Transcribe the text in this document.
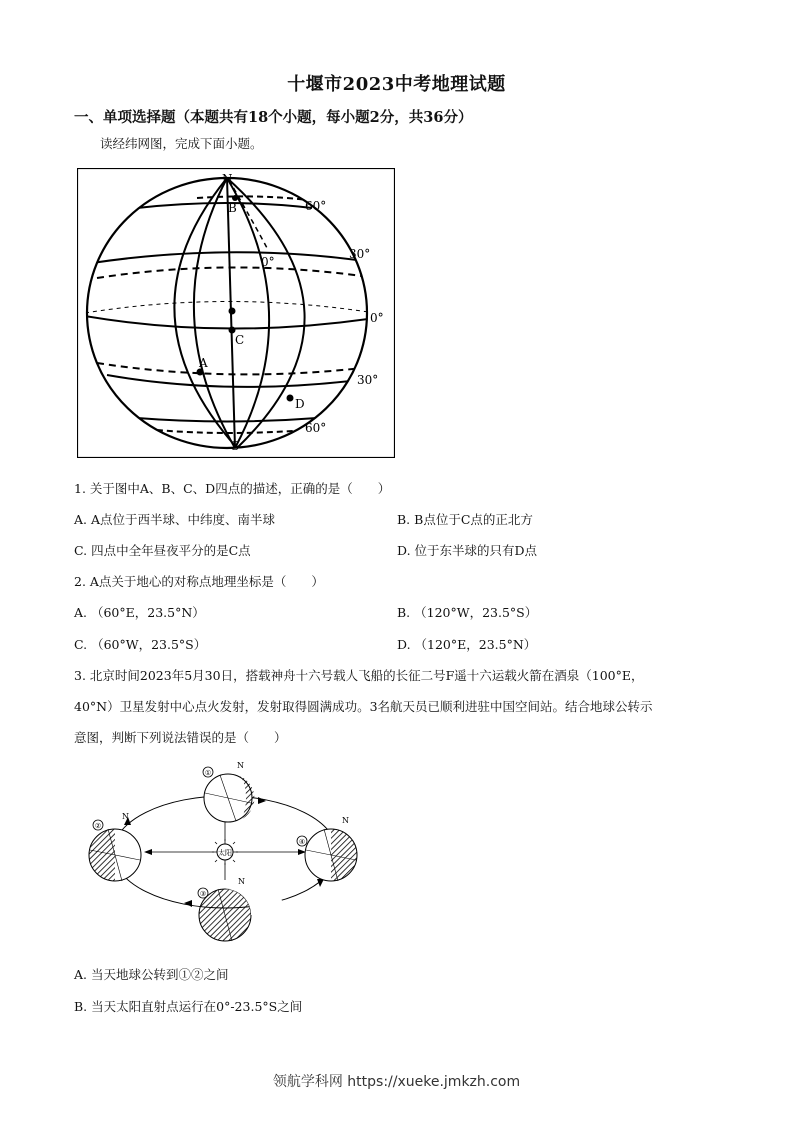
十堰市2023中考地理试题
一、单项选择题（本题共有18个小题，每小题2分，共36分）
读经纬网图，完成下面小题。
N
B
C
A
D
S
60°
30°
0°
0°
30°
60°
1. 关于图中A、B、C、D四点的描述，正确的是（　　）
A. A点位于西半球、中纬度、南半球	B. B点位于C点的正北方
C. 四点中全年昼夜平分的是C点	D. 位于东半球的只有D点
2. A点关于地心的对称点地理坐标是（　　）
A. （60°E，23.5°N）	B. （120°W，23.5°S）
C. （60°W，23.5°S）	D. （120°E，23.5°N）
3. 北京时间2023年5月30日，搭载神舟十六号载人飞船的长征二号F遥十六运载火箭在酒泉（100°E，
40°N）卫星发射中心点火发射，发射取得圆满成功。3名航天员已顺利进驻中国空间站。结合地球公转示
意图，判断下列说法错误的是（　　）
太阳
①
N
②
N
④
N
③
N
A. 当天地球公转到①②之间
B. 当天太阳直射点运行在0°-23.5°S之间
领航学科网 https://xueke.jmkzh.com
